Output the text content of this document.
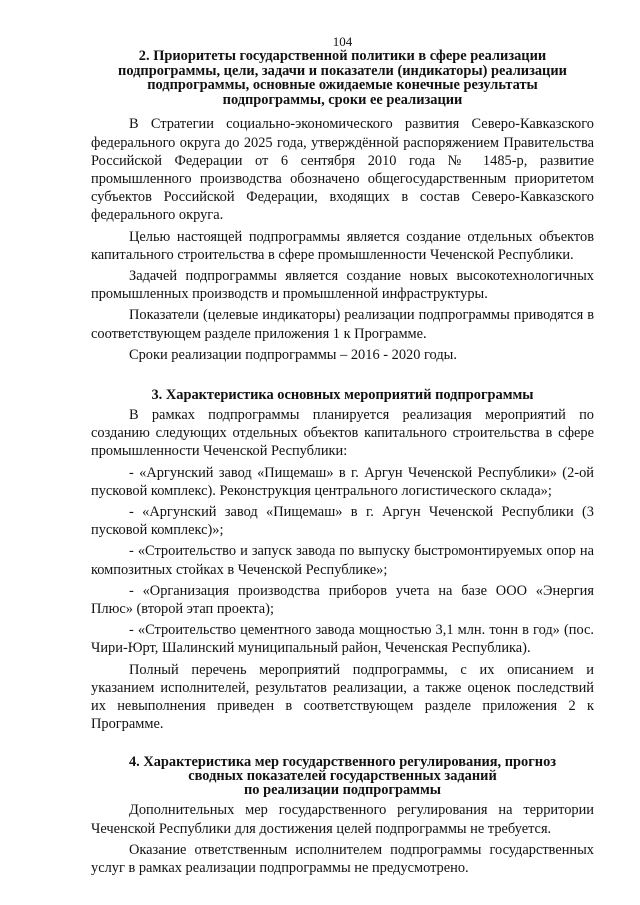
104
2. Приоритеты государственной политики в сфере реализации
подпрограммы, цели, задачи и показатели (индикаторы) реализации
подпрограммы, основные ожидаемые конечные результаты
подпрограммы, сроки ее реализации

В Стратегии социально-экономического развития Северо-Кавказского федерального округа до 2025 года, утверждённой распоряжением Правительства Российской Федерации от 6 сентября 2010 года № 1485-р, развитие промышленного производства обозначено общегосударственным приоритетом субъектов Российской Федерации, входящих в состав Северо-Кавказского федерального округа.

Целью настоящей подпрограммы является создание отдельных объектов капитального строительства в сфере промышленности Чеченской Республики.

Задачей подпрограммы является создание новых высокотехнологичных промышленных производств и промышленной инфраструктуры.

Показатели (целевые индикаторы) реализации подпрограммы приводятся в соответствующем разделе приложения 1 к Программе.

Сроки реализации подпрограммы – 2016 - 2020 годы.

3. Характеристика основных мероприятий подпрограммы

В рамках подпрограммы планируется реализация мероприятий по созданию следующих отдельных объектов капитального строительства в сфере промышленности Чеченской Республики:

- «Аргунский завод «Пищемаш» в г. Аргун Чеченской Республики» (2-ой пусковой комплекс). Реконструкция центрального логистического склада»;

- «Аргунский завод «Пищемаш» в г. Аргун Чеченской Республики (3 пусковой комплекс)»;

- «Строительство и запуск завода по выпуску быстромонтируемых опор на композитных стойках в Чеченской Республике»;

- «Организация производства приборов учета на базе ООО «Энергия Плюс» (второй этап проекта);

- «Строительство цементного завода мощностью 3,1 млн. тонн в год» (пос. Чири-Юрт, Шалинский муниципальный район, Чеченская Республика).

Полный перечень мероприятий подпрограммы, с их описанием и указанием исполнителей, результатов реализации, а также оценок последствий их невыполнения приведен в соответствующем разделе приложения 2 к Программе.

4. Характеристика мер государственного регулирования, прогноз
сводных показателей государственных заданий
по реализации подпрограммы

Дополнительных мер государственного регулирования на территории Чеченской Республики для достижения целей подпрограммы не требуется.

Оказание ответственным исполнителем подпрограммы государственных услуг в рамках реализации подпрограммы не предусмотрено.
